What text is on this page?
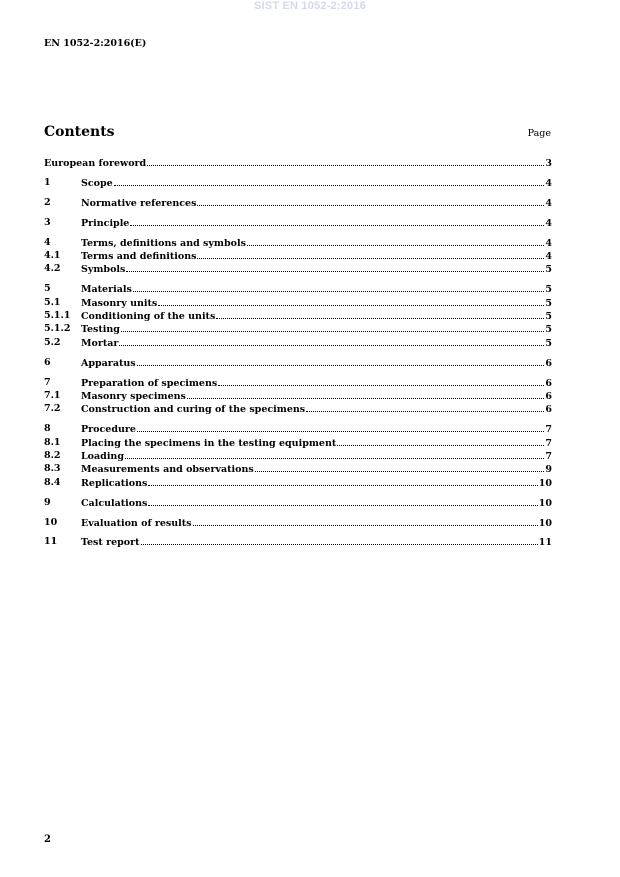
SIST EN 1052-2:2016
EN 1052-2:2016(E)
Contents	Page
European foreword	3
1	Scope	4
2	Normative references	4
3	Principle	4
4	Terms, definitions and symbols	4
4.1 Terms and definitions	4
4.2 Symbols	5
5	Materials	5
5.1 Masonry units	5
5.1.1 Conditioning of the units	5
5.1.2 Testing	5
5.2 Mortar	5
6	Apparatus	6
7	Preparation of specimens	6
7.1 Masonry specimens	6
7.2 Construction and curing of the specimens	6
8	Procedure	7
8.1 Placing the specimens in the testing equipment	7
8.2 Loading	7
8.3 Measurements and observations	9
8.4 Replications	10
9	Calculations	10
10	Evaluation of results	10
11	Test report	11
2
